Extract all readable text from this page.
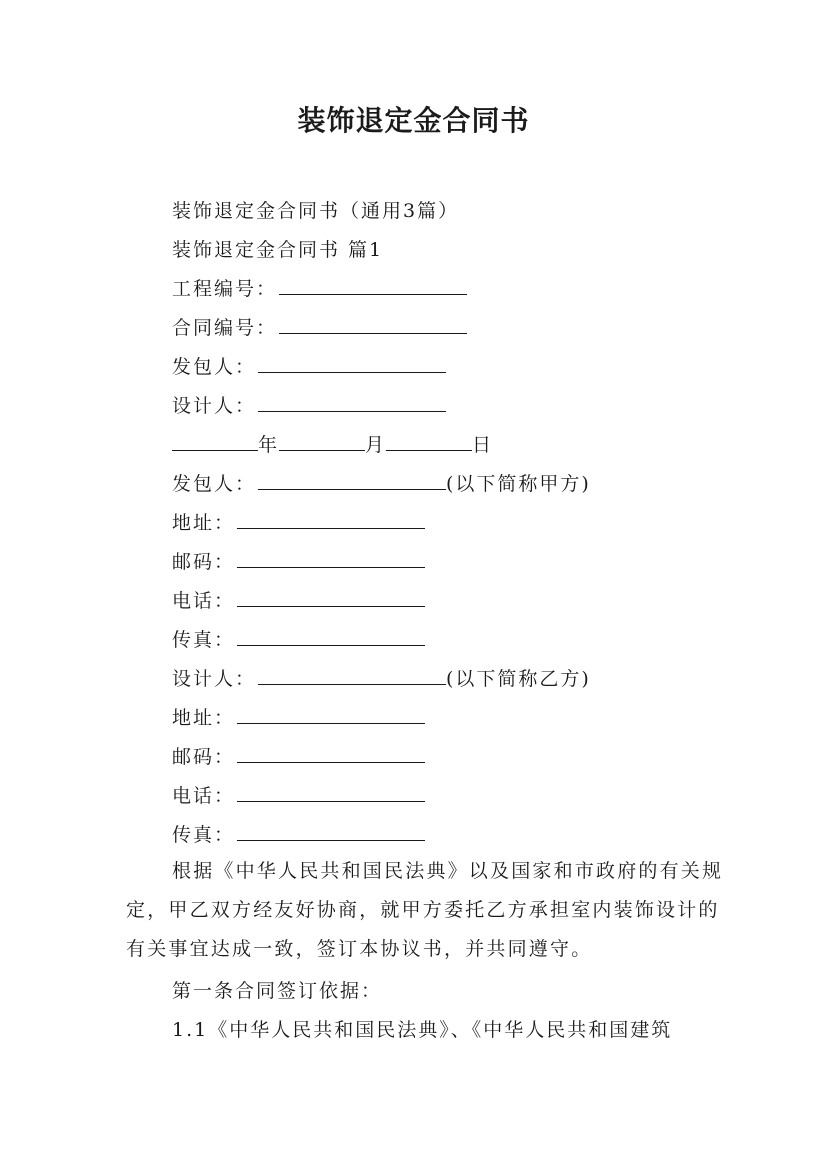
装饰退定金合同书
装饰退定金合同书（通用3篇）
装饰退定金合同书 篇1
工程编号：
合同编号：
发包人：
设计人：
年	月	日
发包人：	(以下简称甲方)
地址：
邮码：
电话：
传真：
设计人：	(以下简称乙方)
地址：
邮码：
电话：
传真：
根据《中华人民共和国民法典》以及国家和市政府的有关规定，甲乙双方经友好协商，就甲方委托乙方承担室内装饰设计的有关事宜达成一致，签订本协议书，并共同遵守。
第一条合同签订依据：
1.1《中华人民共和国民法典》、《中华人民共和国建筑
